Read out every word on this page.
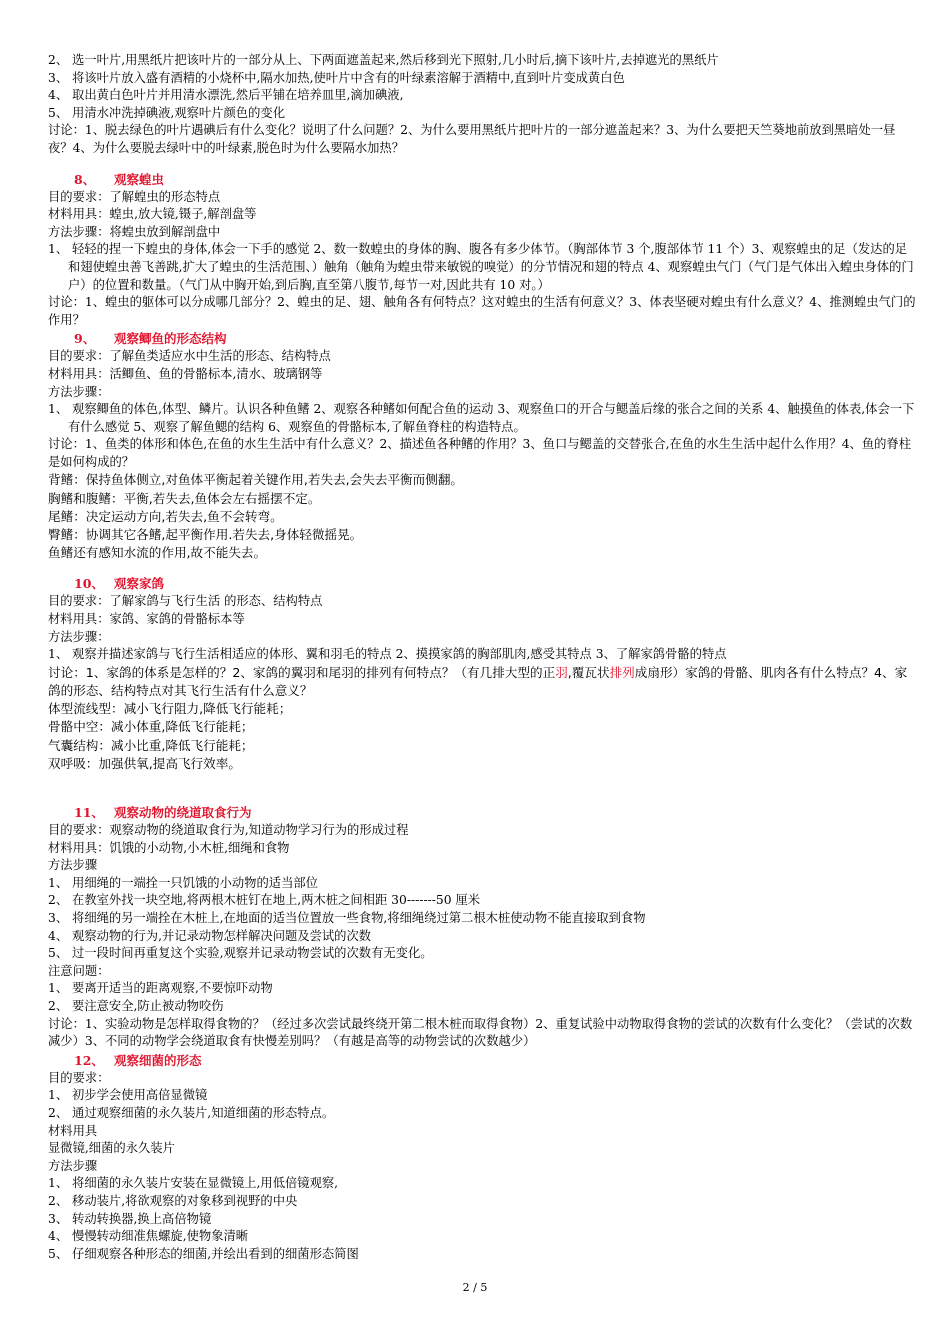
2、 选一叶片,用黑纸片把该叶片的一部分从上、下两面遮盖起来,然后移到光下照射,几小时后,摘下该叶片,去掉遮光的黑纸片

3、 将该叶片放入盛有酒精的小烧杯中,隔水加热,使叶片中含有的叶绿素溶解于酒精中,直到叶片变成黄白色

4、 取出黄白色叶片并用清水漂洗,然后平铺在培养皿里,滴加碘液,

5、 用清水冲洗掉碘液,观察叶片颜色的变化

讨论：1、脱去绿色的叶片遇碘后有什么变化？说明了什么问题？2、为什么要用黑纸片把叶片的一部分遮盖起来？3、为什么要把天竺葵地前放到黑暗处一昼夜？4、为什么要脱去绿叶中的叶绿素,脱色时为什么要隔水加热？

8、 观察蝗虫

目的要求：了解蝗虫的形态特点

材料用具：蝗虫,放大镜,镊子,解剖盘等

方法步骤：将蝗虫放到解剖盘中

1、 轻轻的捏一下蝗虫的身体,体会一下手的感觉 2、数一数蝗虫的身体的胸、腹各有多少体节。（胸部体节 3 个,腹部体节 11 个）3、观察蝗虫的足（发达的足和翅使蝗虫善飞善跳,扩大了蝗虫的生活范围、）触角（触角为蝗虫带来敏锐的嗅觉）的分节情况和翅的特点 4、观察蝗虫气门（气门是气体出入蝗虫身体的门户）的位置和数量。（气门从中胸开始,到后胸,直至第八腹节,每节一对,因此共有 10 对。）

讨论：1、蝗虫的躯体可以分成哪几部分？2、蝗虫的足、翅、触角各有何特点？这对蝗虫的生活有何意义？3、体表坚硬对蝗虫有什么意义？4、推测蝗虫气门的作用？

9、 观察鲫鱼的形态结构

目的要求：了解鱼类适应水中生活的形态、结构特点

材料用具：活鲫鱼、鱼的骨骼标本,清水、玻璃钢等

方法步骤：

1、 观察鲫鱼的体色,体型、鳞片。认识各种鱼鳍 2、观察各种鳍如何配合鱼的运动 3、观察鱼口的开合与鳃盖后缘的张合之间的关系 4、触摸鱼的体表,体会一下有什么感觉 5、观察了解鱼鳃的结构 6、观察鱼的骨骼标本,了解鱼脊柱的构造特点。

讨论：1、鱼类的体形和体色,在鱼的水生生活中有什么意义？2、描述鱼各种鳍的作用？3、鱼口与鳃盖的交替张合,在鱼的水生生活中起什么作用？4、鱼的脊柱是如何构成的？

背鳍：保持鱼体侧立,对鱼体平衡起着关键作用,若失去,会失去平衡而侧翻。

胸鳍和腹鳍：平衡,若失去,鱼体会左右摇摆不定。

尾鳍：决定运动方向,若失去,鱼不会转弯。

臀鳍：协调其它各鳍,起平衡作用.若失去,身体轻微摇晃。

鱼鳍还有感知水流的作用,故不能失去。

10、 观察家鸽

目的要求：了解家鸽与飞行生活 的形态、结构特点

材料用具：家鸽、家鸽的骨骼标本等

方法步骤：

1、 观察并描述家鸽与飞行生活相适应的体形、翼和羽毛的特点 2、摸摸家鸽的胸部肌肉,感受其特点 3、了解家鸽骨骼的特点

讨论：1、家鸽的体系是怎样的？2、家鸽的翼羽和尾羽的排列有何特点？（有几排大型的正羽,覆瓦状排列成扇形）家鸽的骨骼、肌肉各有什么特点？4、家鸽的形态、结构特点对其飞行生活有什么意义？

体型流线型：减小飞行阻力,降低飞行能耗；

骨骼中空：减小体重,降低飞行能耗；

气囊结构：减小比重,降低飞行能耗；

双呼吸：加强供氧,提高飞行效率。

11、 观察动物的绕道取食行为

目的要求：观察动物的绕道取食行为,知道动物学习行为的形成过程

材料用具：饥饿的小动物,小木桩,细绳和食物

方法步骤

1、 用细绳的一端拴一只饥饿的小动物的适当部位

2、 在教室外找一块空地,将两根木桩钉在地上,两木桩之间相距 30-------50 厘米

3、 将细绳的另一端拴在木桩上,在地面的适当位置放一些食物,将细绳绕过第二根木桩使动物不能直接取到食物

4、 观察动物的行为,并记录动物怎样解决问题及尝试的次数

5、 过一段时间再重复这个实验,观察并记录动物尝试的次数有无变化。

注意问题：

1、 要离开适当的距离观察,不要惊吓动物

2、 要注意安全,防止被动物咬伤

讨论：1、实验动物是怎样取得食物的？（经过多次尝试最终绕开第二根木桩而取得食物）2、重复试验中动物取得食物的尝试的次数有什么变化？（尝试的次数减少）3、不同的动物学会绕道取食有快慢差别吗？（有越是高等的动物尝试的次数越少）

12、 观察细菌的形态

目的要求：

1、 初步学会使用高倍显微镜

2、 通过观察细菌的永久装片,知道细菌的形态特点。

材料用具

显微镜,细菌的永久装片

方法步骤

1、 将细菌的永久装片安装在显微镜上,用低倍镜观察,

2、 移动装片,将欲观察的对象移到视野的中央

3、 转动转换器,换上高倍物镜

4、 慢慢转动细准焦螺旋,使物象清晰

5、 仔细观察各种形态的细菌,并绘出看到的细菌形态简图

2 / 5
